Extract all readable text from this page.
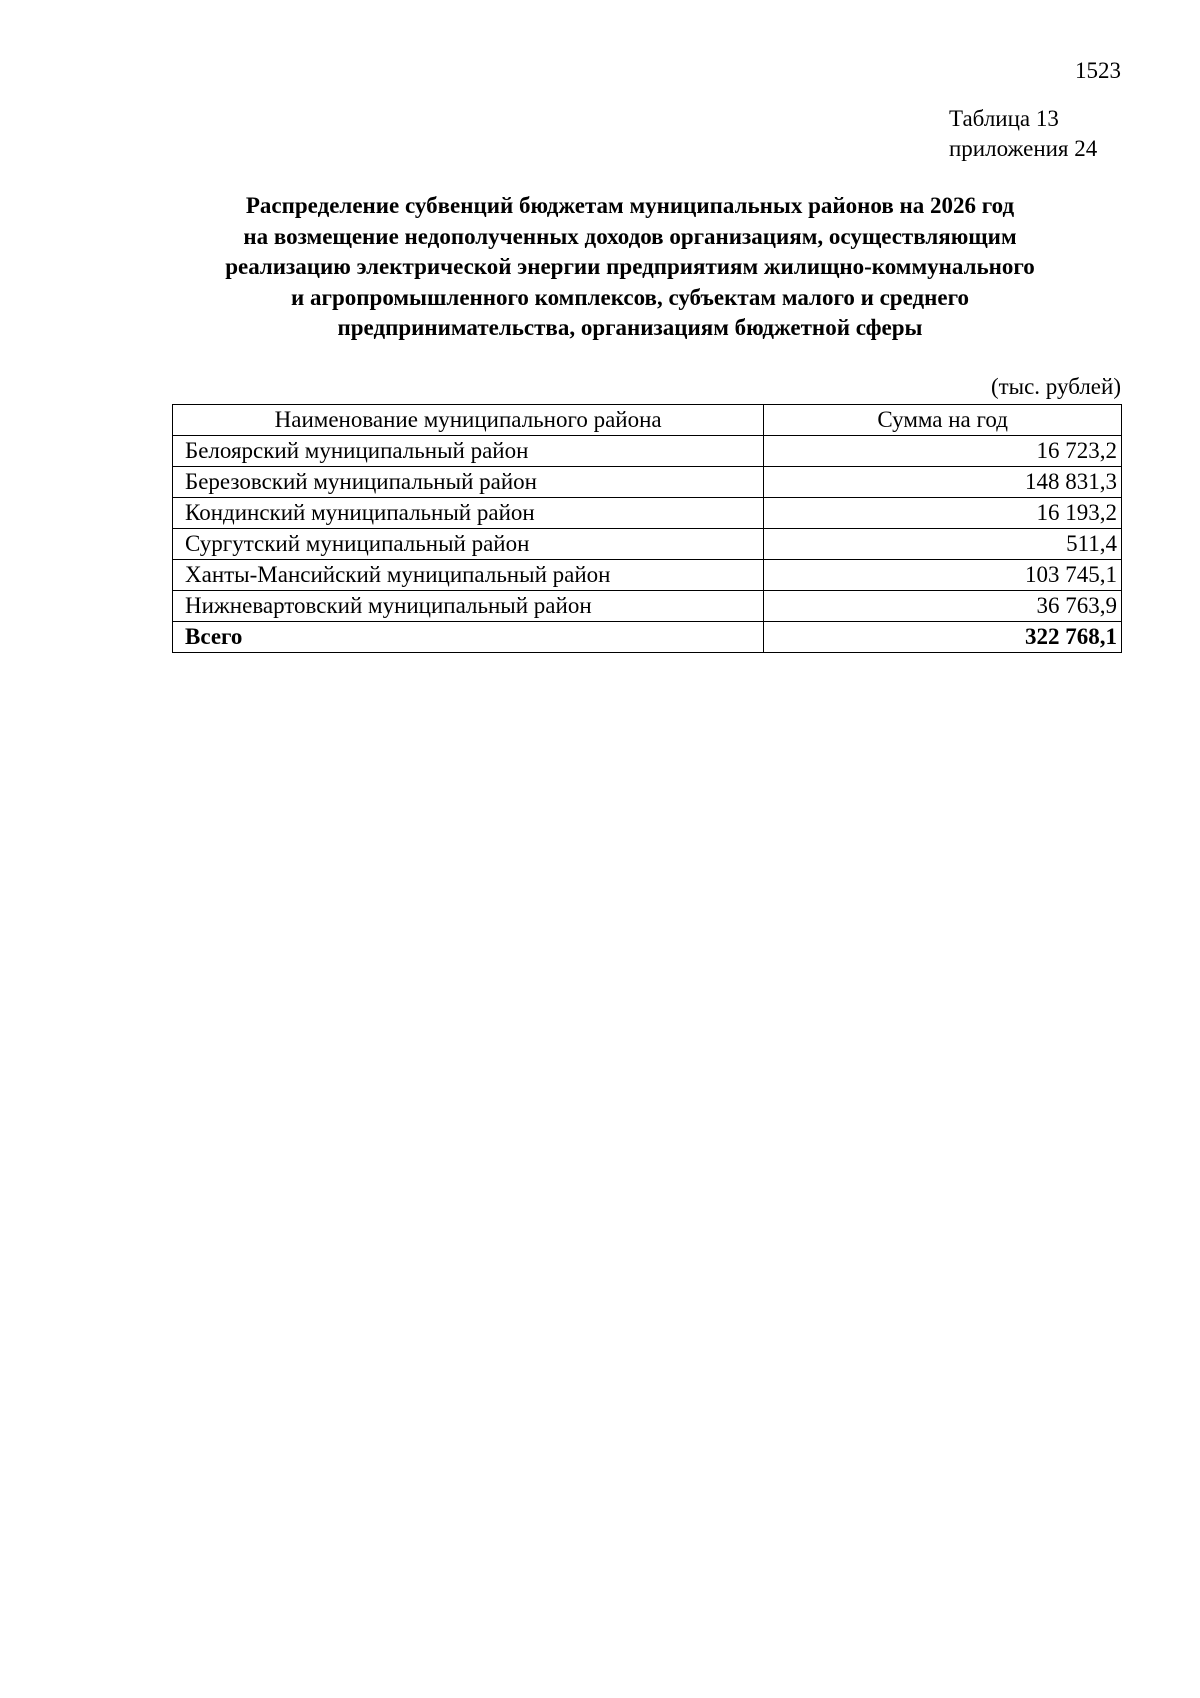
1523
Таблица 13
приложения 24
Распределение субвенций бюджетам муниципальных районов на 2026 год
на возмещение недополученных доходов организациям, осуществляющим
реализацию электрической энергии предприятиям жилищно-коммунального
и агропромышленного комплексов, субъектам малого и среднего
предпринимательства, организациям бюджетной сферы
(тыс. рублей)
Наименование муниципального района	Сумма на год
Белоярский муниципальный район	16 723,2
Березовский муниципальный район	148 831,3
Кондинский муниципальный район	16 193,2
Сургутский муниципальный район	511,4
Ханты-Мансийский муниципальный район	103 745,1
Нижневартовский муниципальный район	36 763,9
Всего	322 768,1
